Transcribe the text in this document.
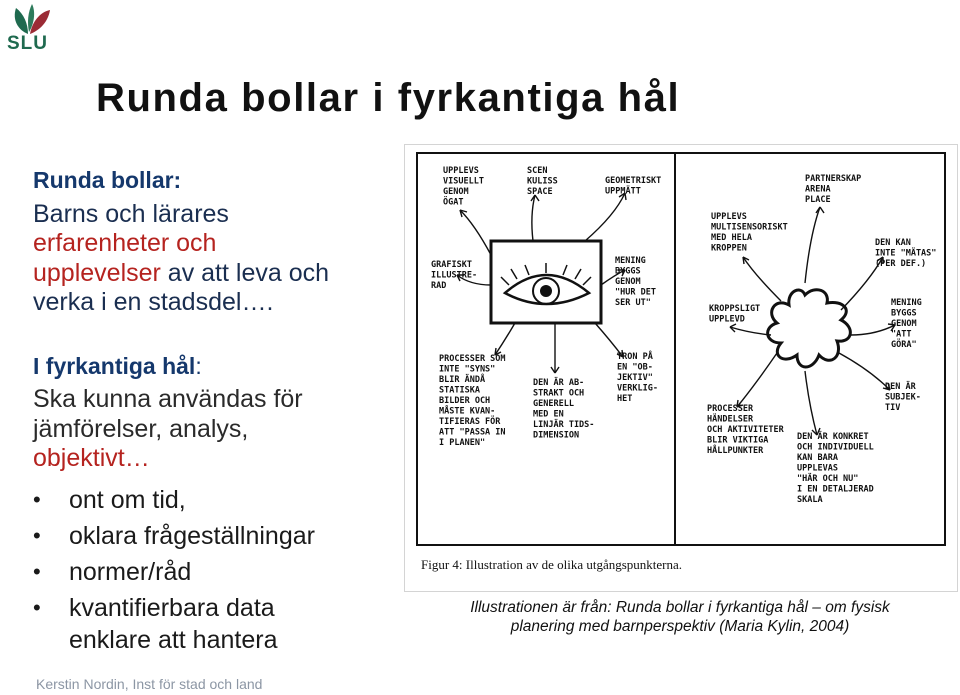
SLU
Runda bollar i fyrkantiga hål
Runda bollar:
Barns och lärares
erfarenheter och
upplevelser av att leva och
verka i en stadsdel….
I fyrkantiga hål:
Ska kunna användas för
jämförelser, analys,
objektivt…
• ont om tid,
• oklara frågeställningar
• normer/råd
• kvantifierbara data
enklare att hantera
Kerstin Nordin, Inst för stad och land
UPPLEVS
VISUELLT
GENOM
ÖGAT
SCEN
KULISS
SPACE
GEOMETRISKT
UPPMÄTT
GRAFISKT
ILLUSTRE-
RAD
MENING
BYGGS
GENOM
"HUR DET
SER UT"
PROCESSER SOM
INTE "SYNS"
BLIR ÄNDÅ
STATISKA
BILDER OCH
MÅSTE KVAN-
TIFIERAS FÖR
ATT "PASSA IN
I PLANEN"
DEN ÄR AB-
STRAKT OCH
GENERELL
MED EN
LINJÄR TIDS-
DIMENSION
TRON PÅ
EN "OB-
JEKTIV"
VERKLIG-
HET
PARTNERSKAP
ARENA
PLACE
UPPLEVS
MULTISENSORISKT
MED HELA
KROPPEN
DEN KAN
INTE "MÄTAS"
(PER DEF.)
KROPPSLIGT
UPPLEVD
MENING
BYGGS
GENOM
"ATT
GÖRA"
PROCESSER
HÄNDELSER
OCH AKTIVITETER
BLIR VIKTIGA
HÅLLPUNKTER
DEN ÄR KONKRET
OCH INDIVIDUELL
KAN BARA
UPPLEVAS
"HÄR OCH NU"
I EN DETALJERAD
SKALA
DEN ÄR
SUBJEK-
TIV
Figur 4: Illustration av de olika utgångspunkterna.
Illustrationen är från: Runda bollar i fyrkantiga hål – om fysisk
planering med barnperspektiv (Maria Kylin, 2004)
